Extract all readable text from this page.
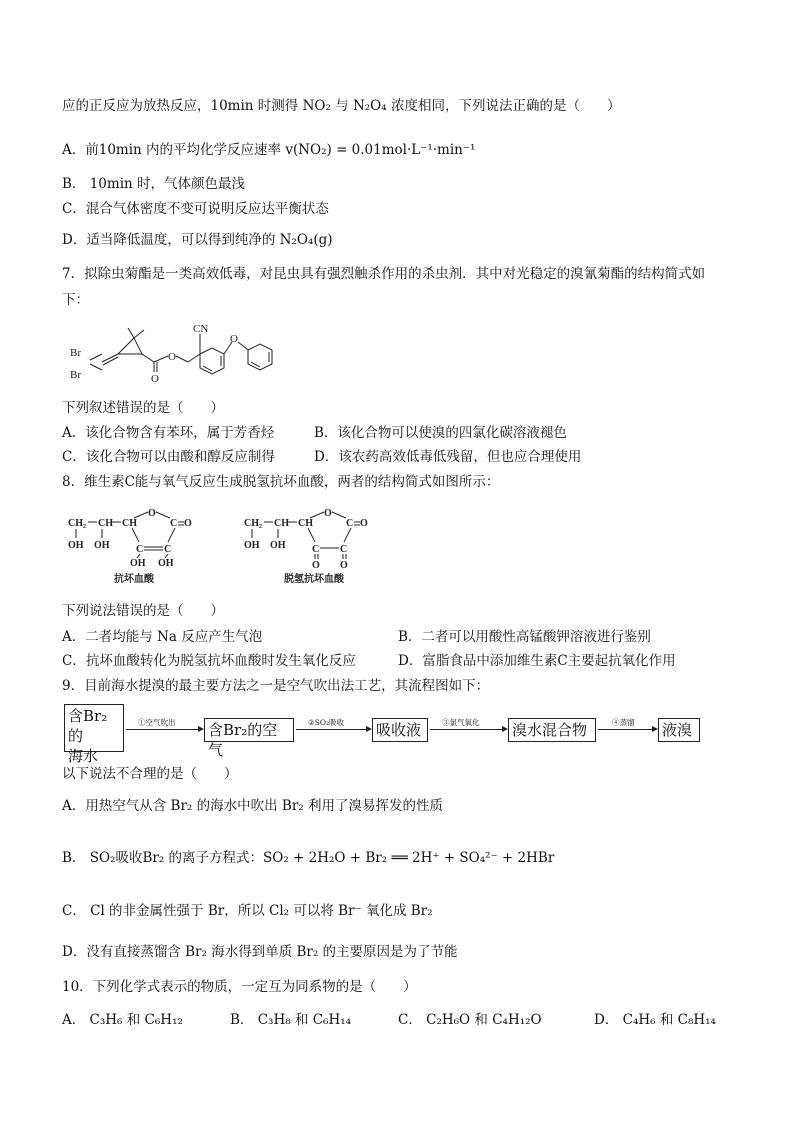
应的正反应为放热反应，10min 时测得 NO₂ 与 N₂O₄ 浓度相同，下列说法正确的是（　　）
A．前10min 内的平均化学反应速率 v(NO₂) = 0.01mol·L⁻¹·min⁻¹
B． 10min 时，气体颜色最浅
C．混合气体密度不变可说明反应达平衡状态
D．适当降低温度，可以得到纯净的 N₂O₄(g)
7．拟除虫菊酯是一类高效低毒，对昆虫具有强烈触杀作用的杀虫剂．其中对光稳定的溴氰菊酯的结构简式如
下：
Br
Br
CN
O
O
O
下列叙述错误的是（　　）
A．该化合物含有苯环，属于芳香烃	B．该化合物可以使溴的四氯化碳溶液褪色
C．该化合物可以由酸和醇反应制得	D．该农药高效低毒低残留，但也应合理使用
8．维生素C能与氧气反应生成脱氢抗坏血酸，两者的结构简式如图所示：
CH₂ CH CH
O
C O
OH OH	C C
OH OH
抗坏血酸
CH₂ CH CH
O
C O
OH OH	C C
O O
脱氢抗坏血酸
下列说法错误的是（　　）
A．二者均能与 Na 反应产生气泡	B．二者可以用酸性高锰酸钾溶液进行鉴别
C．抗坏血酸转化为脱氢抗坏血酸时发生氧化反应	D．富脂食品中添加维生素C主要起抗氧化作用
9．目前海水提溴的最主要方法之一是空气吹出法工艺，其流程图如下：
含Br₂的
海水
①空气吹出 含Br₂的空气
②SO₂吸收 吸收液	③氯气氧化 溴水混合物	④蒸馏 液溴
以下说法不合理的是（　　）
A．用热空气从含 Br₂ 的海水中吹出 Br₂ 利用了溴易挥发的性质
B． SO₂吸收Br₂ 的离子方程式：SO₂ + 2H₂O + Br₂ ══ 2H⁺ + SO₄²⁻ + 2HBr
C． Cl 的非金属性强于 Br，所以 Cl₂ 可以将 Br⁻ 氧化成 Br₂
D．没有直接蒸馏含 Br₂ 海水得到单质 Br₂ 的主要原因是为了节能
10．下列化学式表示的物质，一定互为同系物的是（　　）
A． C₃H₆ 和 C₆H₁₂	B． C₃H₈ 和 C₆H₁₄	C． C₂H₆O 和 C₄H₁₂O	D． C₄H₆ 和 C₈H₁₄
